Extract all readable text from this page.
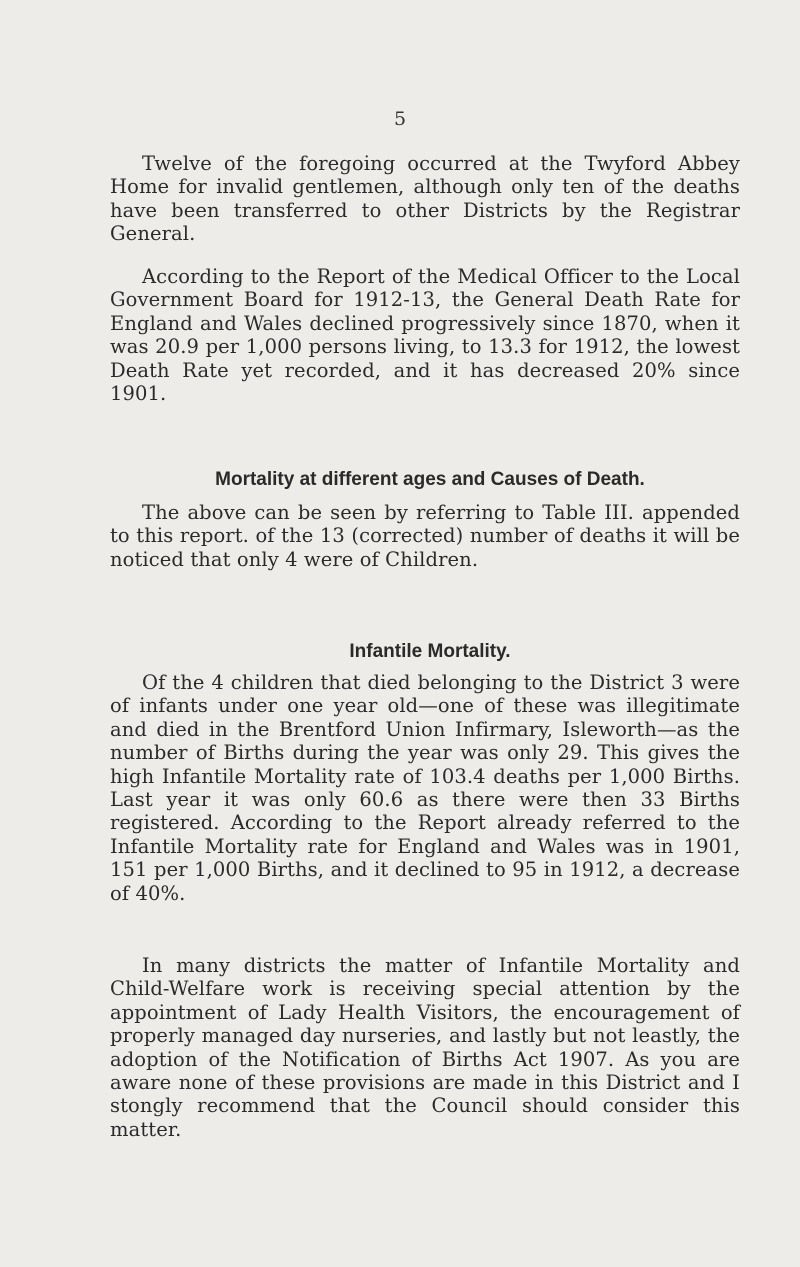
5

Twelve of the foregoing occurred at the Twyford Abbey Home for invalid gentlemen, although only ten of the deaths have been transferred to other Districts by the Registrar General.

According to the Report of the Medical Officer to the Local Government Board for 1912-13, the General Death Rate for England and Wales declined progressively since 1870, when it was 20.9 per 1,000 persons living, to 13.3 for 1912, the lowest Death Rate yet recorded, and it has decreased 20% since 1901.

Mortality at different ages and Causes of Death.

The above can be seen by referring to Table III. appended to this report. of the 13 (corrected) number of deaths it will be noticed that only 4 were of Children.

Infantile Mortality.

Of the 4 children that died belonging to the District 3 were of infants under one year old—one of these was illegitimate and died in the Brentford Union Infirmary, Isleworth—as the number of Births during the year was only 29. This gives the high Infantile Mortality rate of 103.4 deaths per 1,000 Births. Last year it was only 60.6 as there were then 33 Births registered. According to the Report already referred to the Infantile Mortality rate for England and Wales was in 1901, 151 per 1,000 Births, and it declined to 95 in 1912, a decrease of 40%.

In many districts the matter of Infantile Mortality and Child-Welfare work is receiving special attention by the appointment of Lady Health Visitors, the encouragement of properly managed day nurseries, and lastly but not leastly, the adoption of the Notification of Births Act 1907. As you are aware none of these provisions are made in this District and I stongly recommend that the Council should consider this matter.
